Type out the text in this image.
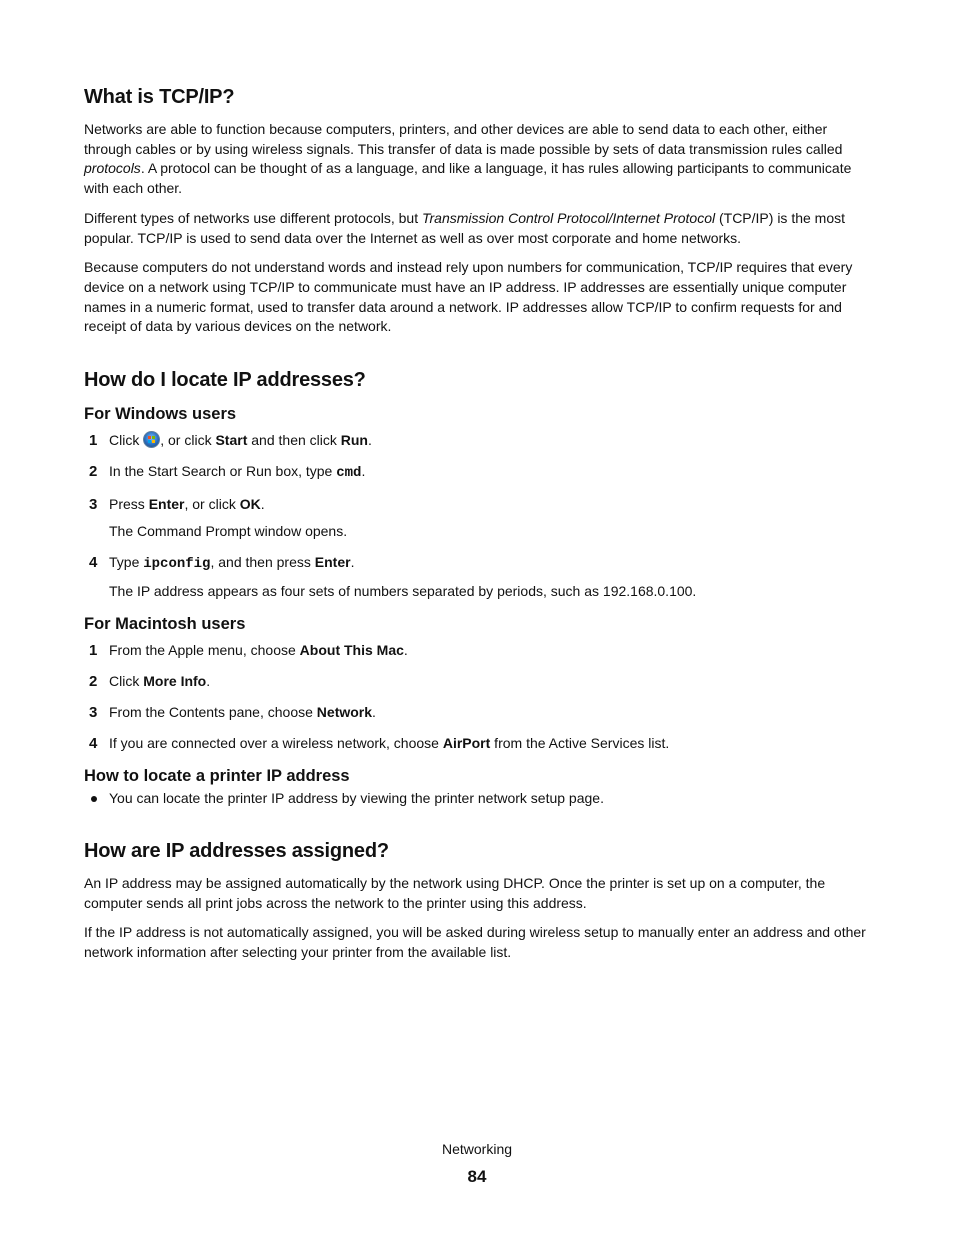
What is TCP/IP?

Networks are able to function because computers, printers, and other devices are able to send data to each other, either through cables or by using wireless signals. This transfer of data is made possible by sets of data transmission rules called protocols. A protocol can be thought of as a language, and like a language, it has rules allowing participants to communicate with each other.

Different types of networks use different protocols, but Transmission Control Protocol/Internet Protocol (TCP/IP) is the most popular. TCP/IP is used to send data over the Internet as well as over most corporate and home networks.

Because computers do not understand words and instead rely upon numbers for communication, TCP/IP requires that every device on a network using TCP/IP to communicate must have an IP address. IP addresses are essentially unique computer names in a numeric format, used to transfer data around a network. IP addresses allow TCP/IP to confirm requests for and receipt of data by various devices on the network.

How do I locate IP addresses?
For Windows users
1 Click , or click Start and then click Run.
2 In the Start Search or Run box, type cmd.
3 Press Enter, or click OK.
The Command Prompt window opens.
4 Type ipconfig, and then press Enter.
The IP address appears as four sets of numbers separated by periods, such as 192.168.0.100.
For Macintosh users
1 From the Apple menu, choose About This Mac.
2 Click More Info.
3 From the Contents pane, choose Network.
4 If you are connected over a wireless network, choose AirPort from the Active Services list.
How to locate a printer IP address
You can locate the printer IP address by viewing the printer network setup page.
How are IP addresses assigned?

An IP address may be assigned automatically by the network using DHCP. Once the printer is set up on a computer, the computer sends all print jobs across the network to the printer using this address.

If the IP address is not automatically assigned, you will be asked during wireless setup to manually enter an address and other network information after selecting your printer from the available list.

Networking
84
